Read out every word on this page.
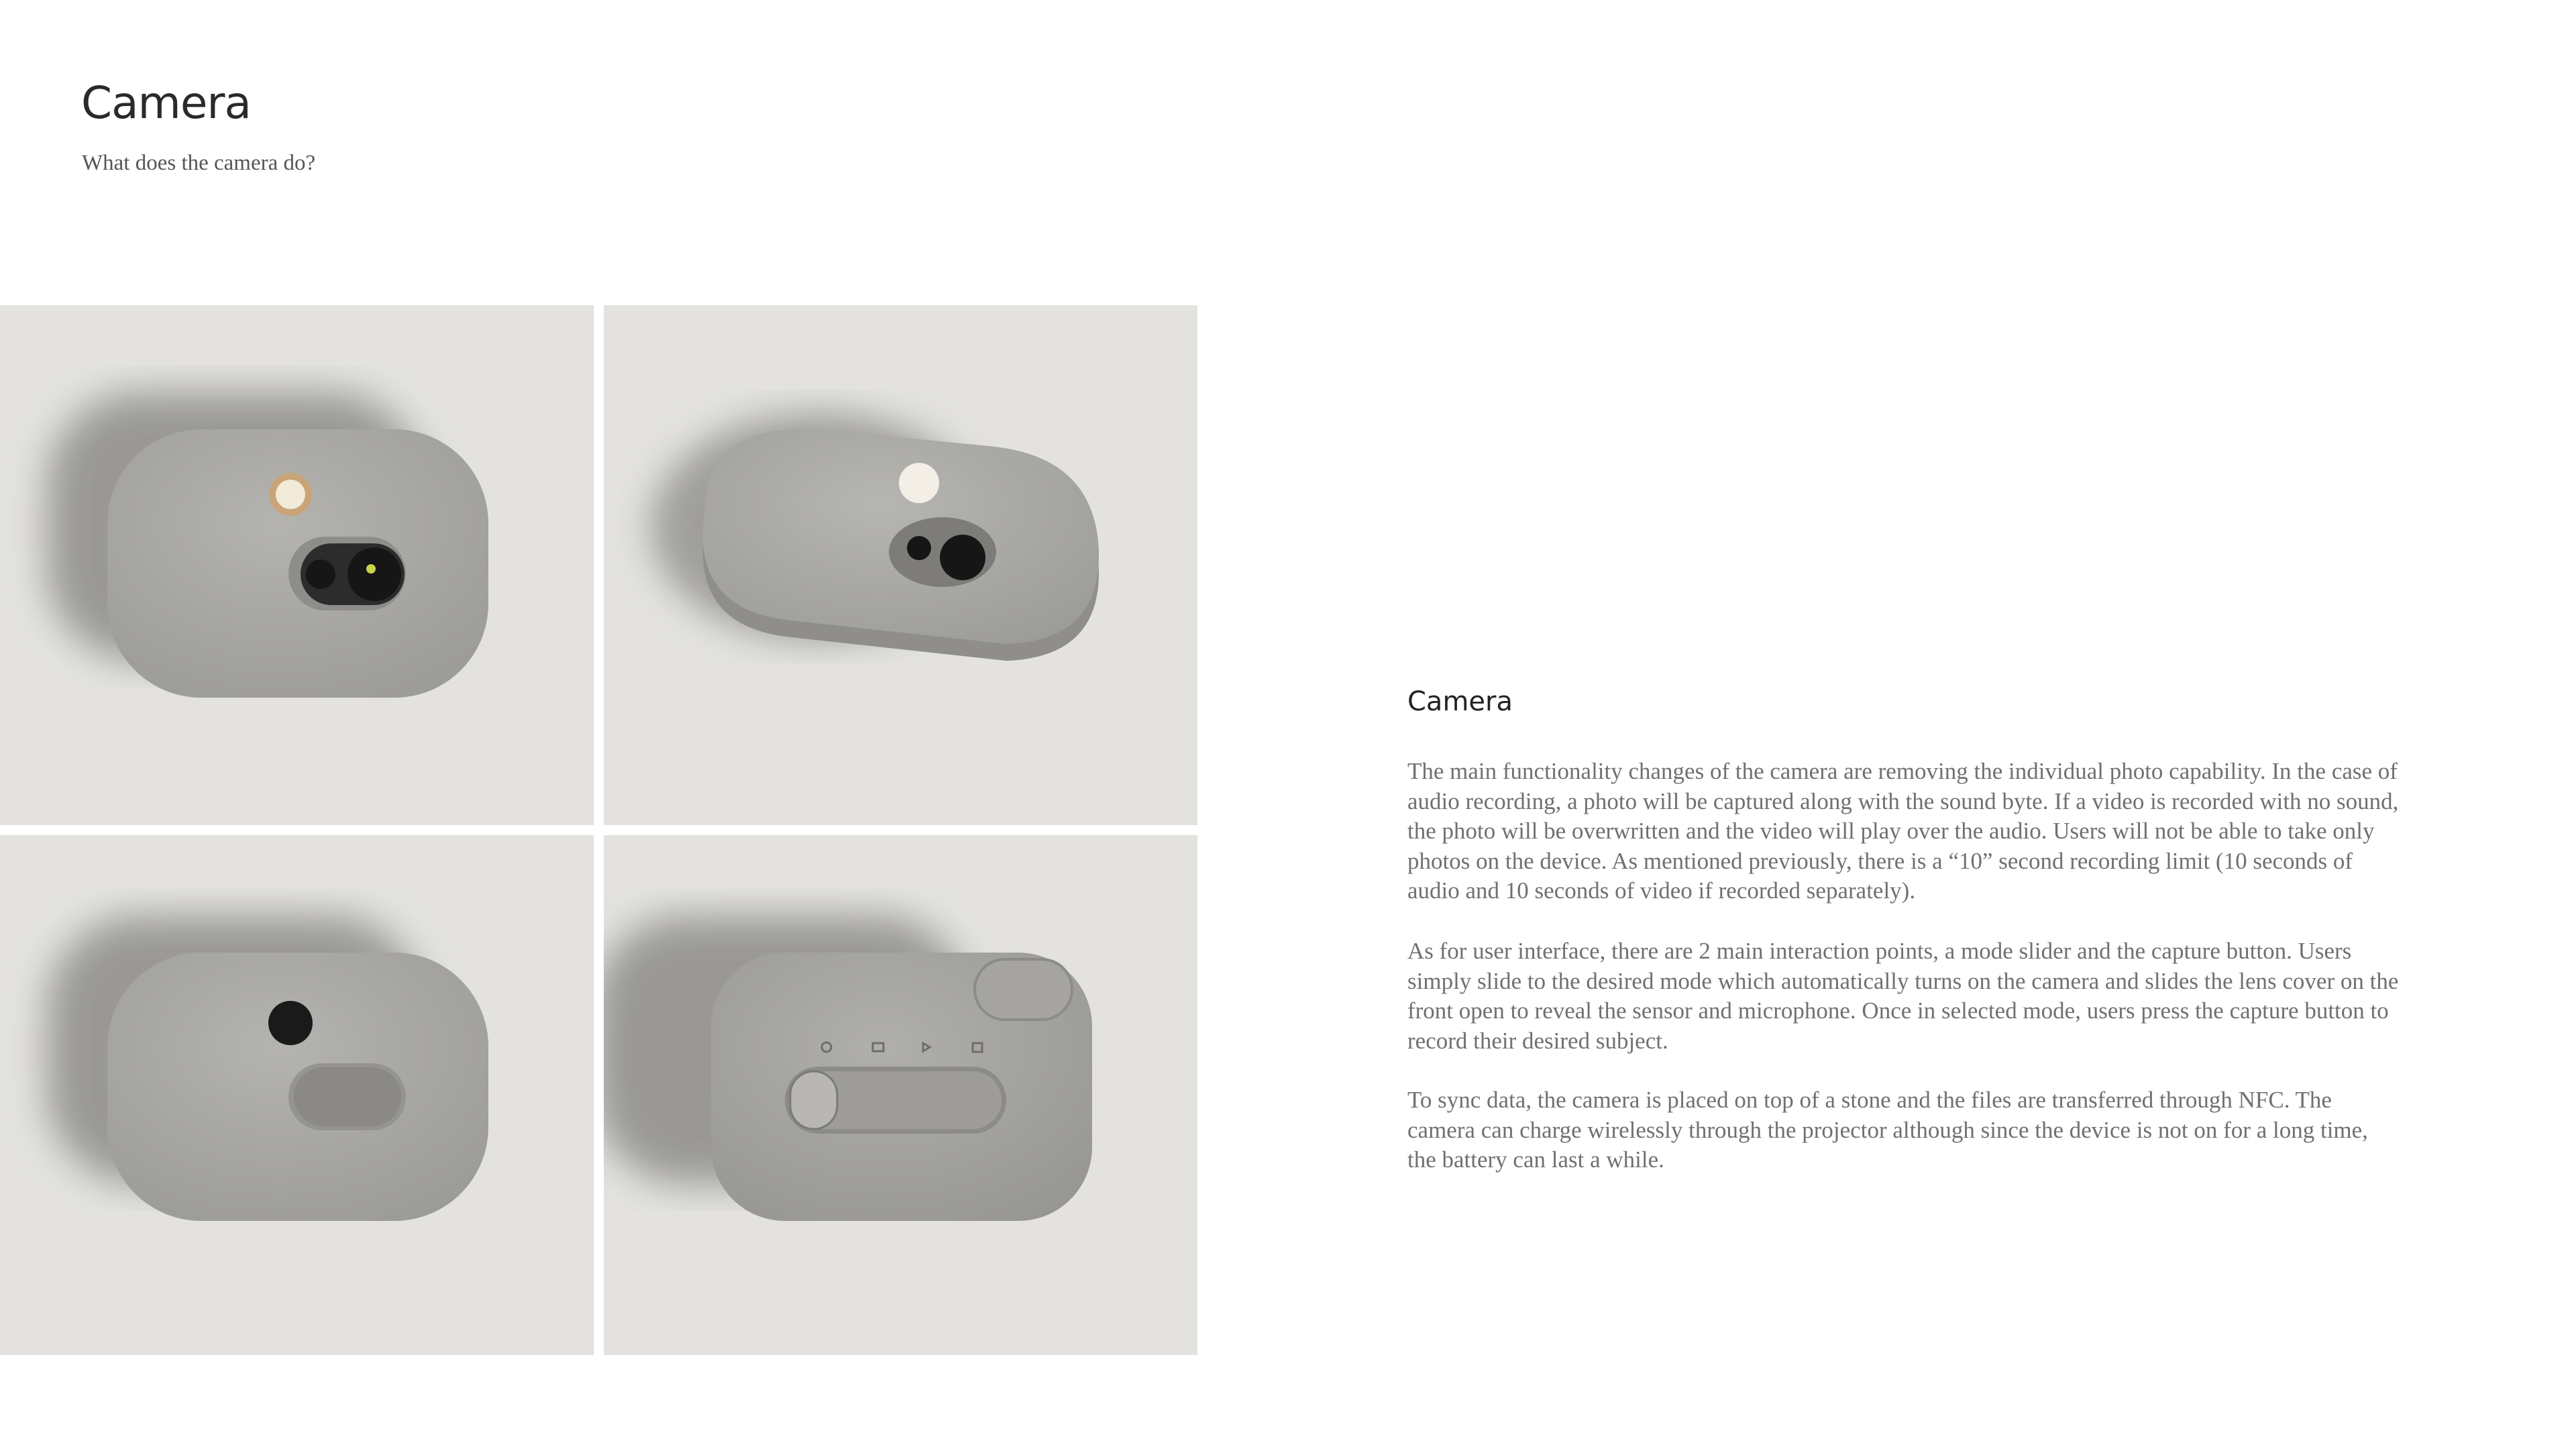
Camera
What does the camera do?
Camera

The main functionality changes of the camera are removing the individual photo capability. In the case of audio recording, a photo will be captured along with the sound byte. If a video is recorded with no sound, the photo will be overwritten and the video will play over the audio. Users will not be able to take only photos on the device. As mentioned previously, there is a “10” second recording limit (10 seconds of audio and 10 seconds of video if recorded separately).

As for user interface, there are 2 main interaction points, a mode slider and the capture button. Users simply slide to the desired mode which automatically turns on the camera and slides the lens cover on the front open to reveal the sensor and microphone. Once in selected mode, users press the capture button to record their desired subject.

To sync data, the camera is placed on top of a stone and the files are transferred through NFC. The camera can charge wirelessly through the projector although since the device is not on for a long time, the battery can last a while.
